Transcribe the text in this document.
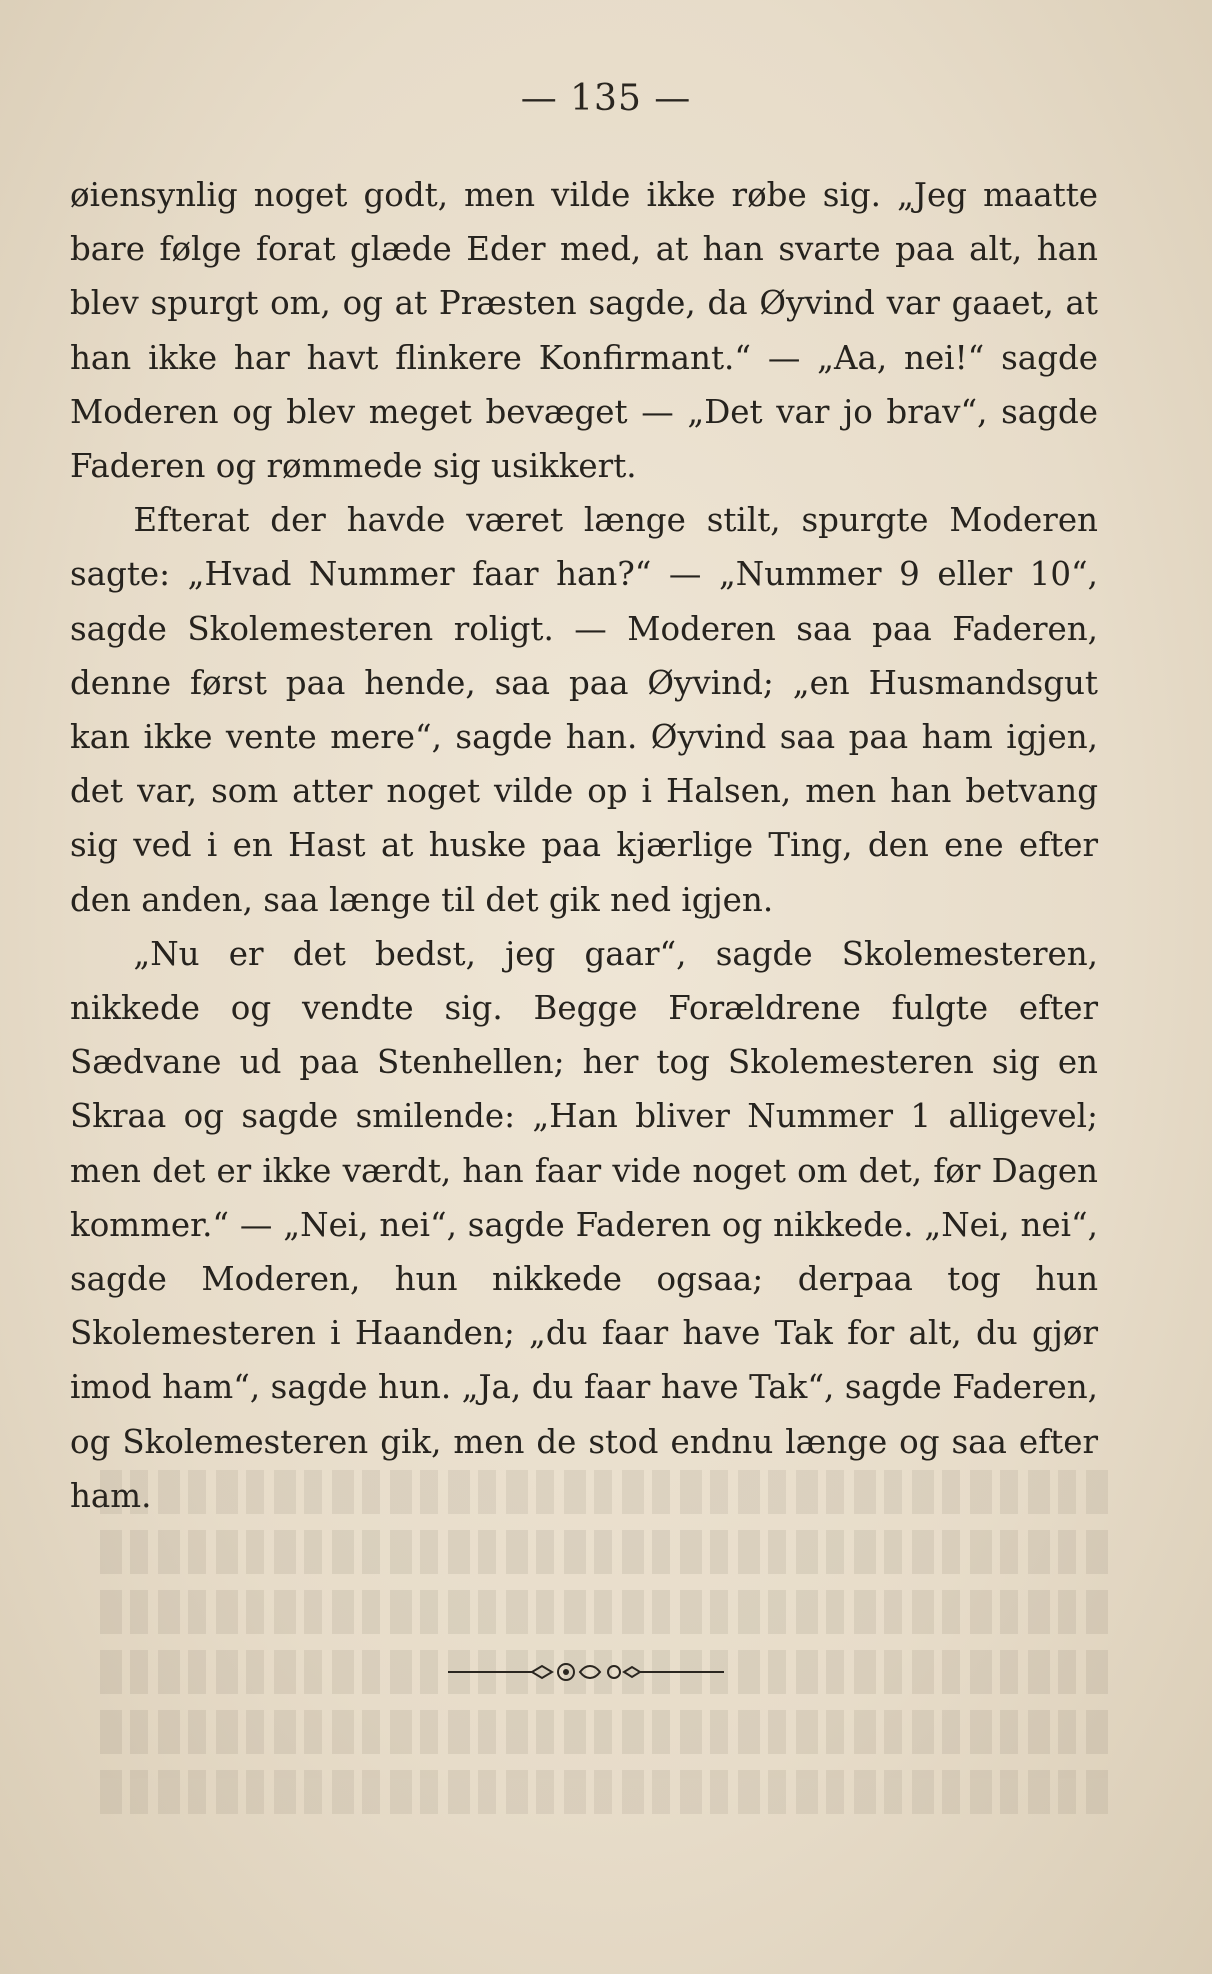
— 135 —

øiensynlig noget godt, men vilde ikke røbe sig. „Jeg maatte bare følge forat glæde Eder med, at han svarte paa alt, han blev spurgt om, og at Præsten sagde, da Øyvind var gaaet, at han ikke har havt flinkere Konfirmant.“ — „Aa, nei!“ sagde Moderen og blev meget bevæget — „Det var jo brav“, sagde Faderen og rømmede sig usikkert.

Efterat der havde været længe stilt, spurgte Moderen sagte: „Hvad Nummer faar han?“ — „Nummer 9 eller 10“, sagde Skolemesteren roligt. — Moderen saa paa Faderen, denne først paa hende, saa paa Øyvind; „en Husmandsgut kan ikke vente mere“, sagde han. Øyvind saa paa ham igjen, det var, som atter noget vilde op i Halsen, men han betvang sig ved i en Hast at huske paa kjærlige Ting, den ene efter den anden, saa længe til det gik ned igjen.

„Nu er det bedst, jeg gaar“, sagde Skolemesteren, nikkede og vendte sig. Begge Forældrene fulgte efter Sædvane ud paa Stenhellen; her tog Skolemesteren sig en Skraa og sagde smilende: „Han bliver Nummer 1 alligevel; men det er ikke værdt, han faar vide noget om det, før Dagen kommer.“ — „Nei, nei“, sagde Faderen og nikkede. „Nei, nei“, sagde Moderen, hun nikkede ogsaa; derpaa tog hun Skolemesteren i Haanden; „du faar have Tak for alt, du gjør imod ham“, sagde hun. „Ja, du faar have Tak“, sagde Faderen, og Skolemesteren gik, men de stod endnu længe og saa efter ham.
